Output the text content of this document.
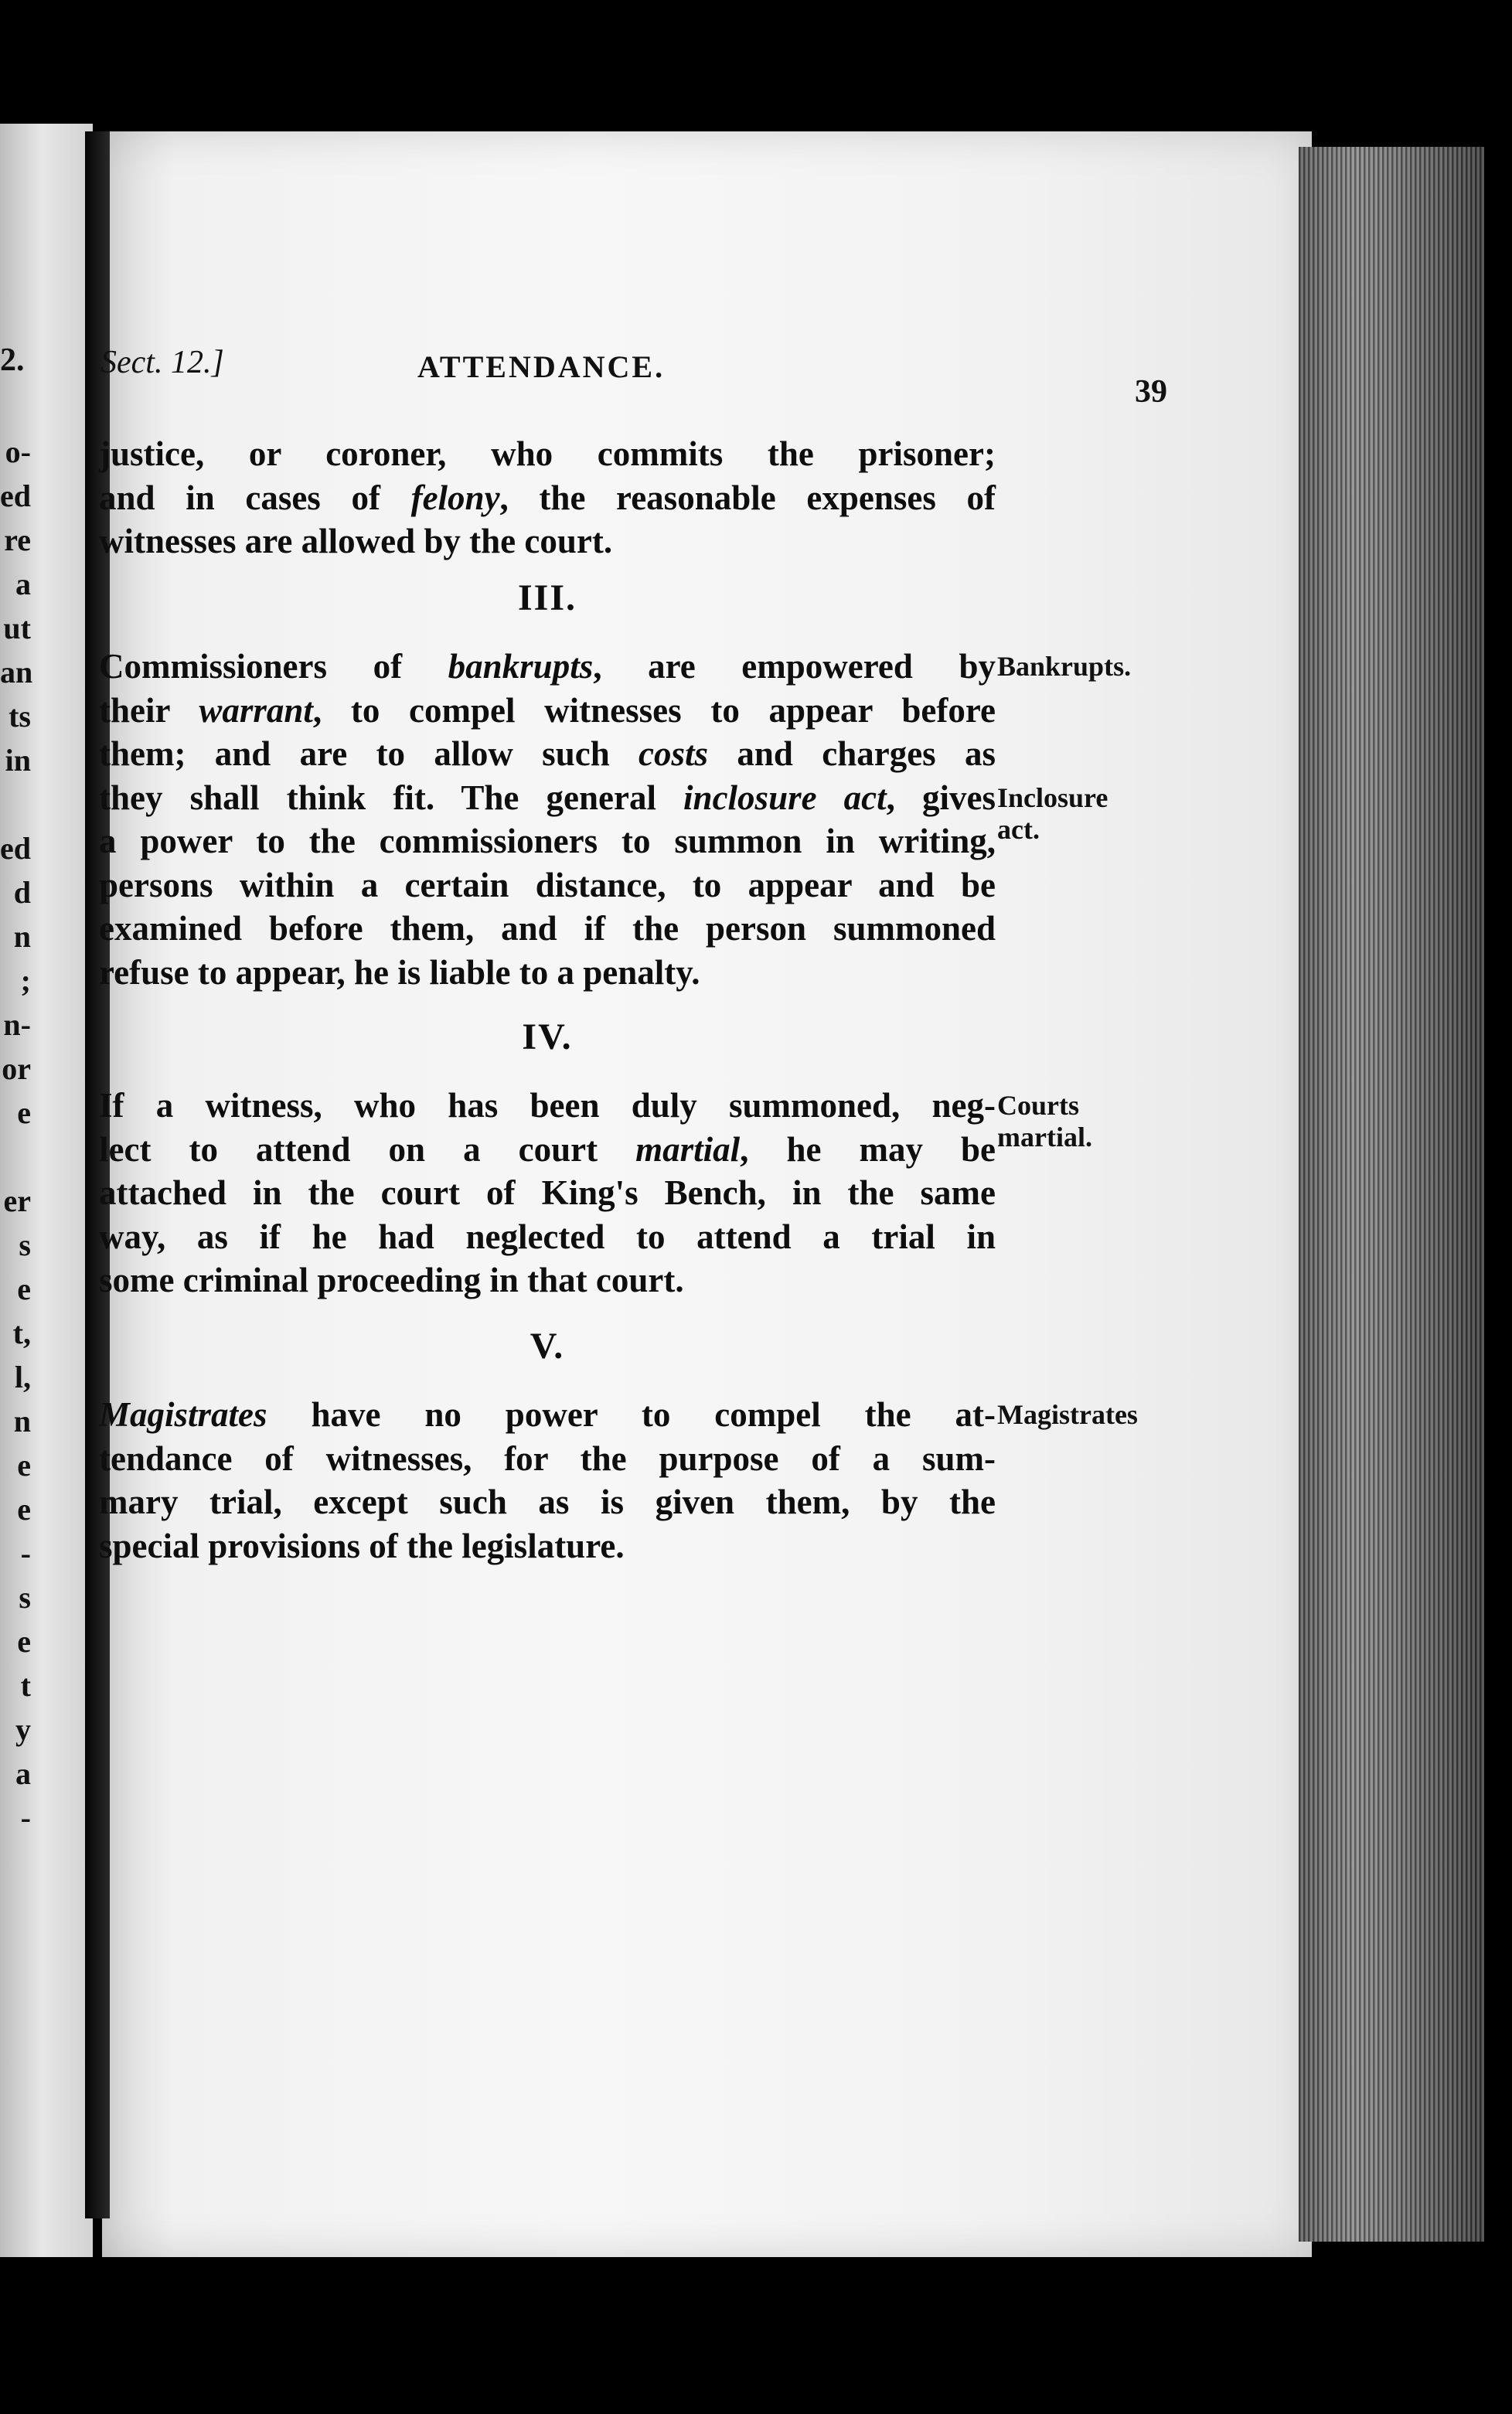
2.
o-
ed
re
a
ut
an
ts
in
ed
d
n
;
n-
or
e
er
s
e
t,
l,
n
e
e
-
s
e
t
y
a
-
Sect. 12.]	ATTENDANCE.
39
justice, or coroner, who commits the prisoner;
and in cases of felony, the reasonable expenses of
witnesses are allowed by the court.
III.
Commissioners of bankrupts, are empowered by
their warrant, to compel witnesses to appear before
them; and are to allow such costs and charges as
they shall think fit. The general inclosure act, gives
a power to the commissioners to summon in writing,
persons within a certain distance, to appear and be
examined before them, and if the person summoned
refuse to appear, he is liable to a penalty.
Bankrupts.
Inclosure
act.
IV.
If a witness, who has been duly summoned, neg-
lect to attend on a court martial, he may be
attached in the court of King's Bench, in the same
way, as if he had neglected to attend a trial in
some criminal proceeding in that court.
Courts
martial.
V.
Magistrates have no power to compel the at-
tendance of witnesses, for the purpose of a sum-
mary trial, except such as is given them, by the
special provisions of the legislature.
Magistrates
